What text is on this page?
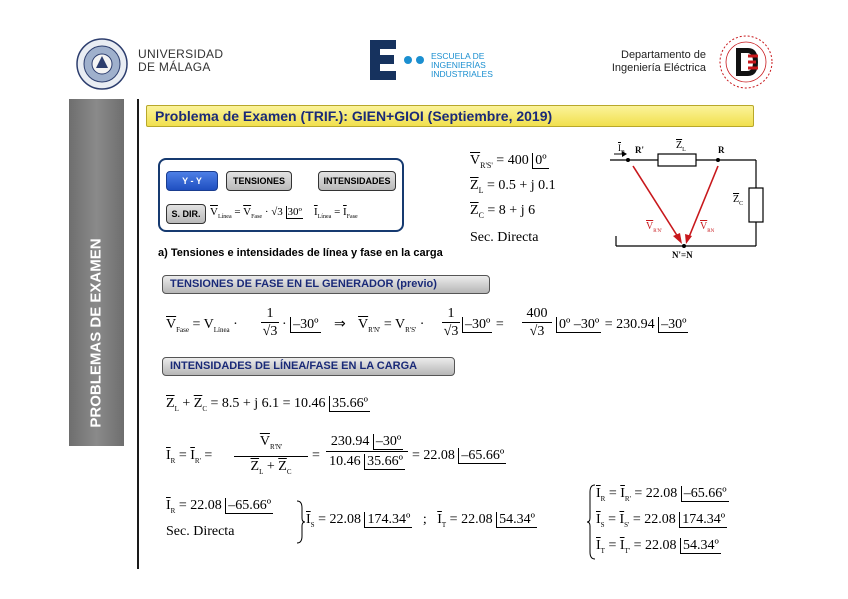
UNIVERSIDAD
DE MÁLAGA
ESCUELA DE
INGENIERÍAS
INDUSTRIALES
Departamento de
Ingeniería Eléctrica
PROBLEMAS DE EXAMEN
Problema de Examen (TRIF.): GIEN+GIOI (Septiembre, 2019)
Y - Y	TENSIONES	INTENSIDADES
S. DIR. $\overline{V}_{Línea} = \overline{V}_{Fase} \cdot √3$ 30º $\overline{I}_{Línea} = \overline{I}_{Fase}$
$\overline{V}_{R'S'} = 400$ 0º
$\overline{Z}_L = 0.5 + j$ 0.1
$\overline{Z}_C = 8 + j$ 6
Sec. Directa
$\overline{I}_R$ R'	$\overline{Z}_L$	R
$\overline{Z}_C$
$\overline{V}_{R'N'}$	$\overline{V}_{RN}$
N'=N
a) Tensiones e intensidades de línea y fase en la carga
TENSIONES DE FASE EN EL GENERADOR (previo)
$\overline{V}_{Fase} = V_{Línea}$ ·
1
√3 · –30º ⇒ $\overline{V}_{R'N'} = V_{R'S'}$ ·
1
√3 –30º =
400
√3	0º –30º = 230.94 –30º
INTENSIDADES DE LÍNEA/FASE EN LA CARGA
$\overline{Z}_L + \overline{Z}_C = 8.5 + j$ 6.1 = 10.46 35.66º
$\overline{I}_R = \overline{I}_{R'}$ =
$\overline{V}_{R'N'}$
$\overline{Z}_L + \overline{Z}_C$
=
230.94 –30º
10.46 35.66º = 22.08 –65.66º
$\overline{I}_R = 22.08$ –65.66º
Sec. Directa
$\overline{I}_S = 22.08$ 174.34º ; $\overline{I}_T = 22.08$ 54.34º
$\overline{I}_R = \overline{I}_{R'} = 22.08$ –65.66º
$\overline{I}_S = \overline{I}_{S'} = 22.08$ 174.34º
$\overline{I}_T = \overline{I}_{T'} = 22.08$ 54.34º
